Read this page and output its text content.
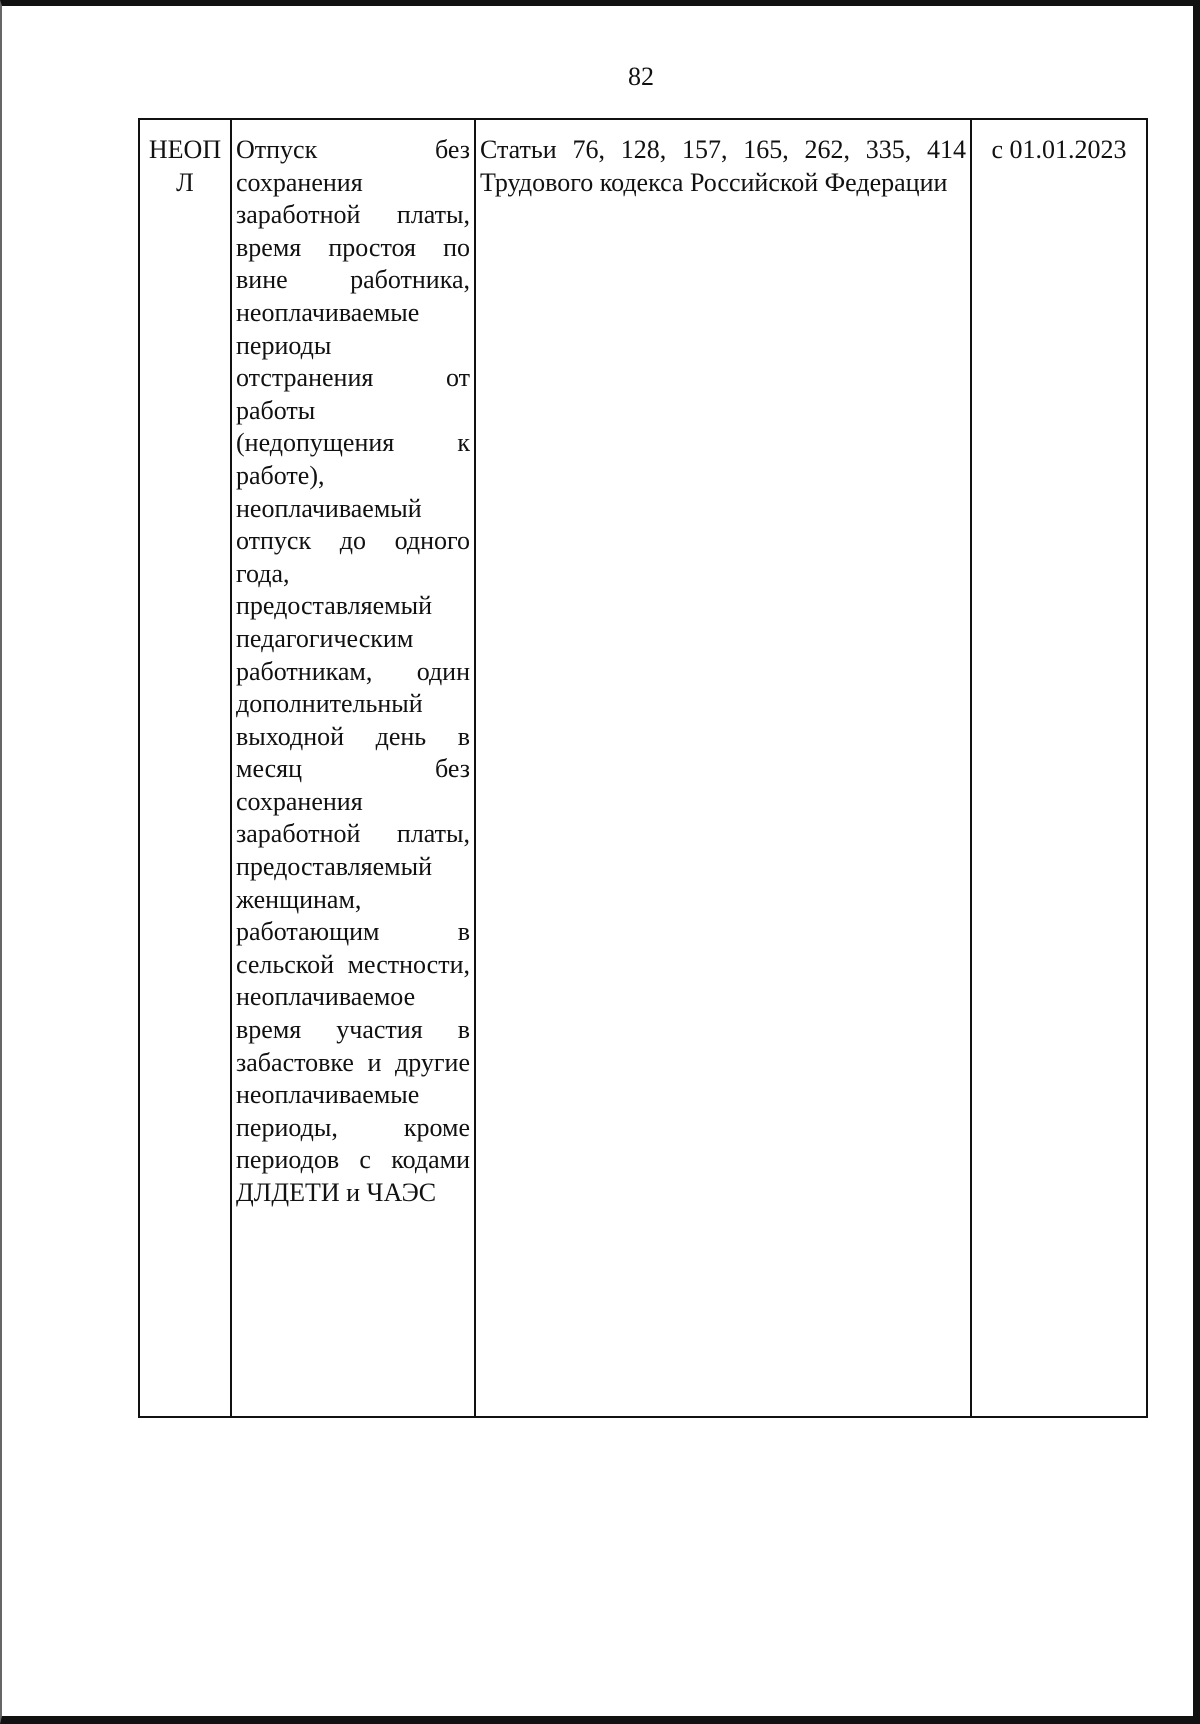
82
НЕОПЛ	Отпуск без сохранения заработной платы, время простоя по вине работника, неоплачиваемые периоды отстранения от работы (недопущения к работе), неоплачиваемый отпуск до одного года, предоставляемый педагогическим работникам, один дополнительный выходной день в месяц без сохранения заработной платы, предоставляемый женщинам, работающим в сельской местности, неоплачиваемое время участия в забастовке и другие неоплачиваемые периоды, кроме периодов с кодами ДЛДЕТИ и ЧАЭС	Статьи 76, 128, 157, 165, 262, 335, 414 Трудового кодекса Российской Федерации	с 01.01.2023
